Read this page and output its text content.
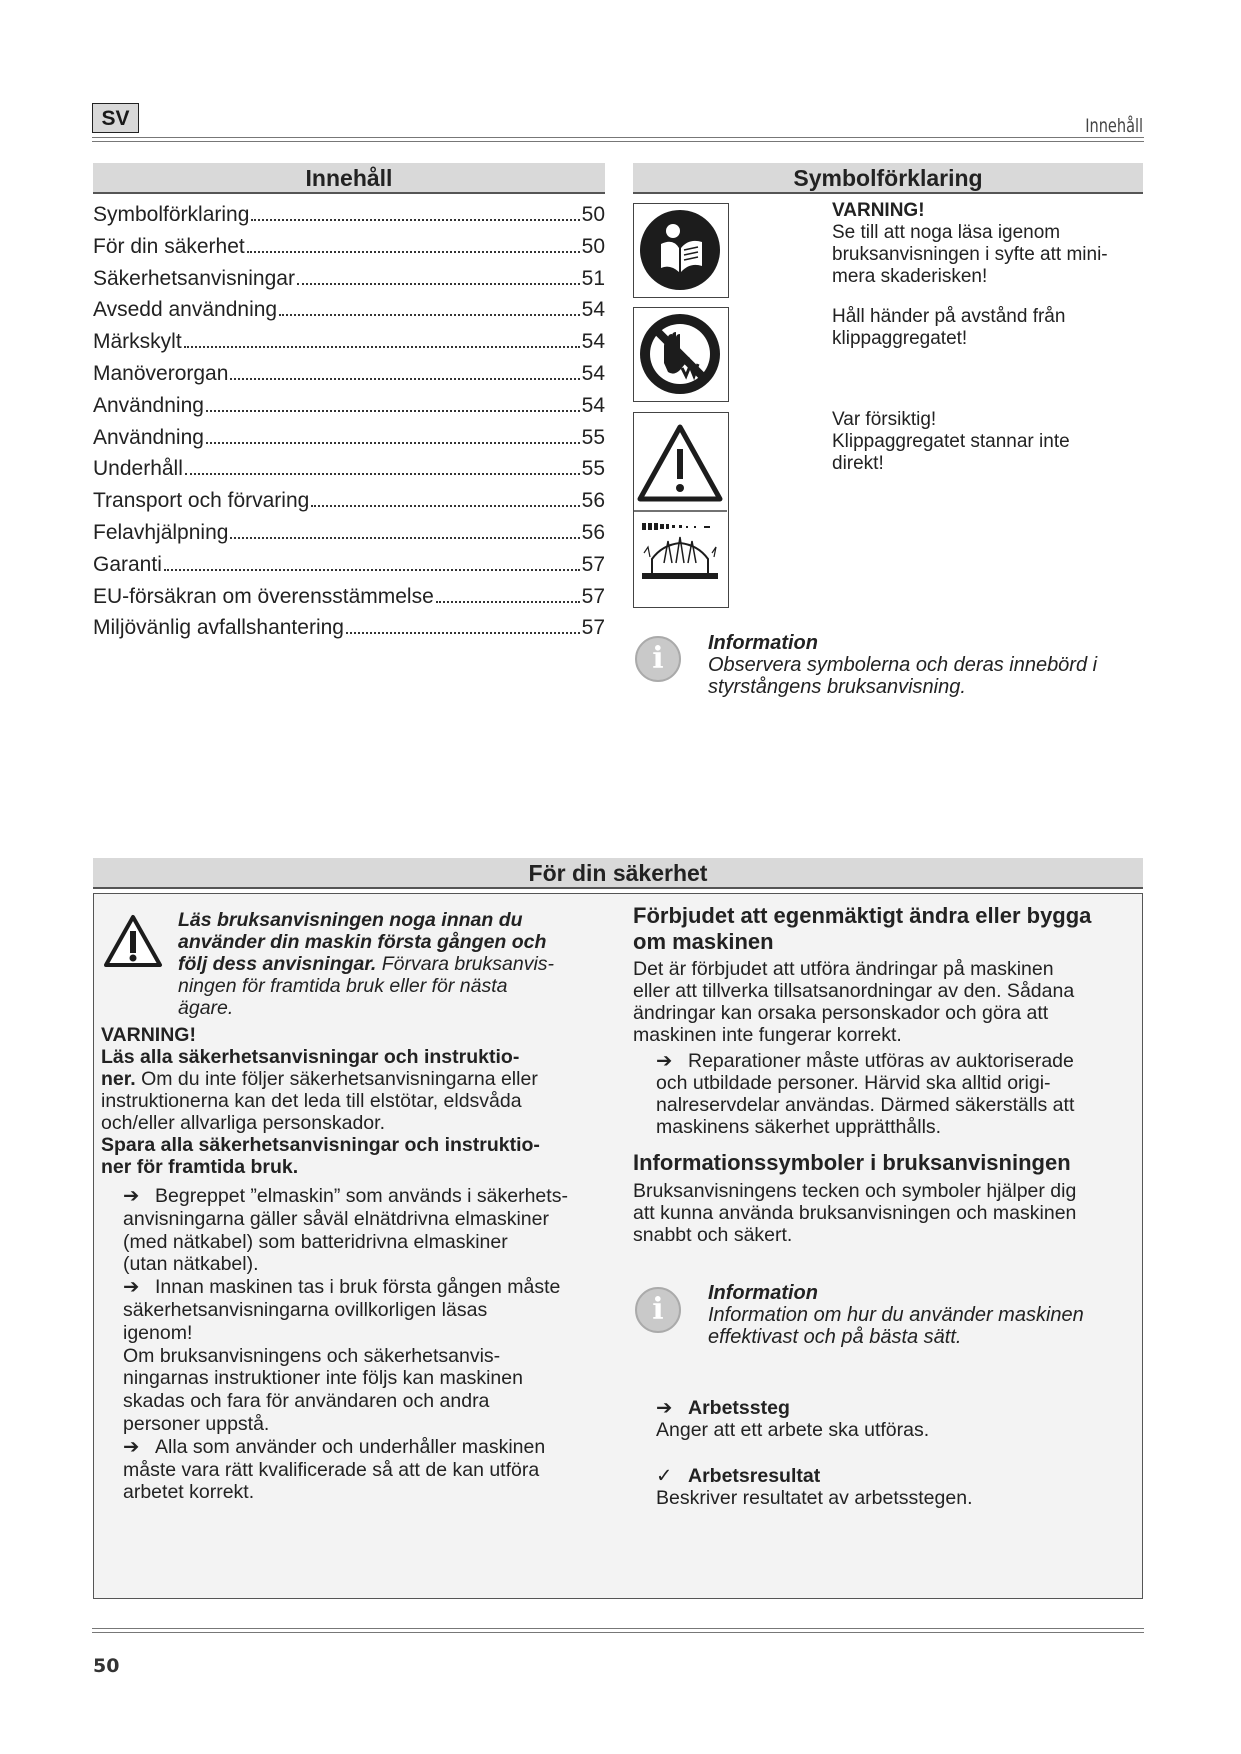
SV	Innehåll
Innehåll
Symbolförklaring	50
För din säkerhet	50
Säkerhetsanvisningar	51
Avsedd användning	54
Märkskylt	54
Manöverorgan	54
Användning	54
Användning	55
Underhåll	55
Transport och förvaring	56
Felavhjälpning	56
Garanti	57
EU-försäkran om överensstämmelse	57
Miljövänlig avfallshantering	57
Symbolförklaring
VARNING!
Se till att noga läsa igenom
bruksanvisningen i syfte att mini-
mera skaderisken!
Håll händer på avstånd från
klippaggregatet!
Var försiktig!
Klippaggregatet stannar inte
direkt!
i	Information
Observera symbolerna och deras innebörd i
styrstångens bruksanvisning.
För din säkerhet
Läs bruksanvisningen noga innan du
använder din maskin första gången och
följ dess anvisningar. Förvara bruksanvis-
ningen för framtida bruk eller för nästa
ägare.
VARNING!
Läs alla säkerhetsanvisningar och instruktio-
ner. Om du inte följer säkerhetsanvisningarna eller
instruktionerna kan det leda till elstötar, eldsvåda
och/eller allvarliga personskador.
Spara alla säkerhetsanvisningar och instruktio-
ner för framtida bruk.
➔ Begreppet ”elmaskin” som används i säkerhets-
anvisningarna gäller såväl elnätdrivna elmaskiner
(med nätkabel) som batteridrivna elmaskiner
(utan nätkabel).
➔ Innan maskinen tas i bruk första gången måste
säkerhetsanvisningarna ovillkorligen läsas
igenom!
Om bruksanvisningens och säkerhetsanvis-
ningarnas instruktioner inte följs kan maskinen
skadas och fara för användaren och andra
personer uppstå.
➔ Alla som använder och underhåller maskinen
måste vara rätt kvalificerade så att de kan utföra
arbetet korrekt.
Förbjudet att egenmäktigt ändra eller bygga
om maskinen
Det är förbjudet att utföra ändringar på maskinen
eller att tillverka tillsatsanordningar av den. Sådana
ändringar kan orsaka personskador och göra att
maskinen inte fungerar korrekt.
➔ Reparationer måste utföras av auktoriserade
och utbildade personer. Härvid ska alltid origi-
nalreservdelar användas. Därmed säkerställs att
maskinens säkerhet upprätthålls.
Informationssymboler i bruksanvisningen
Bruksanvisningens tecken och symboler hjälper dig
att kunna använda bruksanvisningen och maskinen
snabbt och säkert.
i	Information
Information om hur du använder maskinen
effektivast och på bästa sätt.
➔ Arbetssteg
Anger att ett arbete ska utföras.
✓ Arbetsresultat
Beskriver resultatet av arbetsstegen.
50
